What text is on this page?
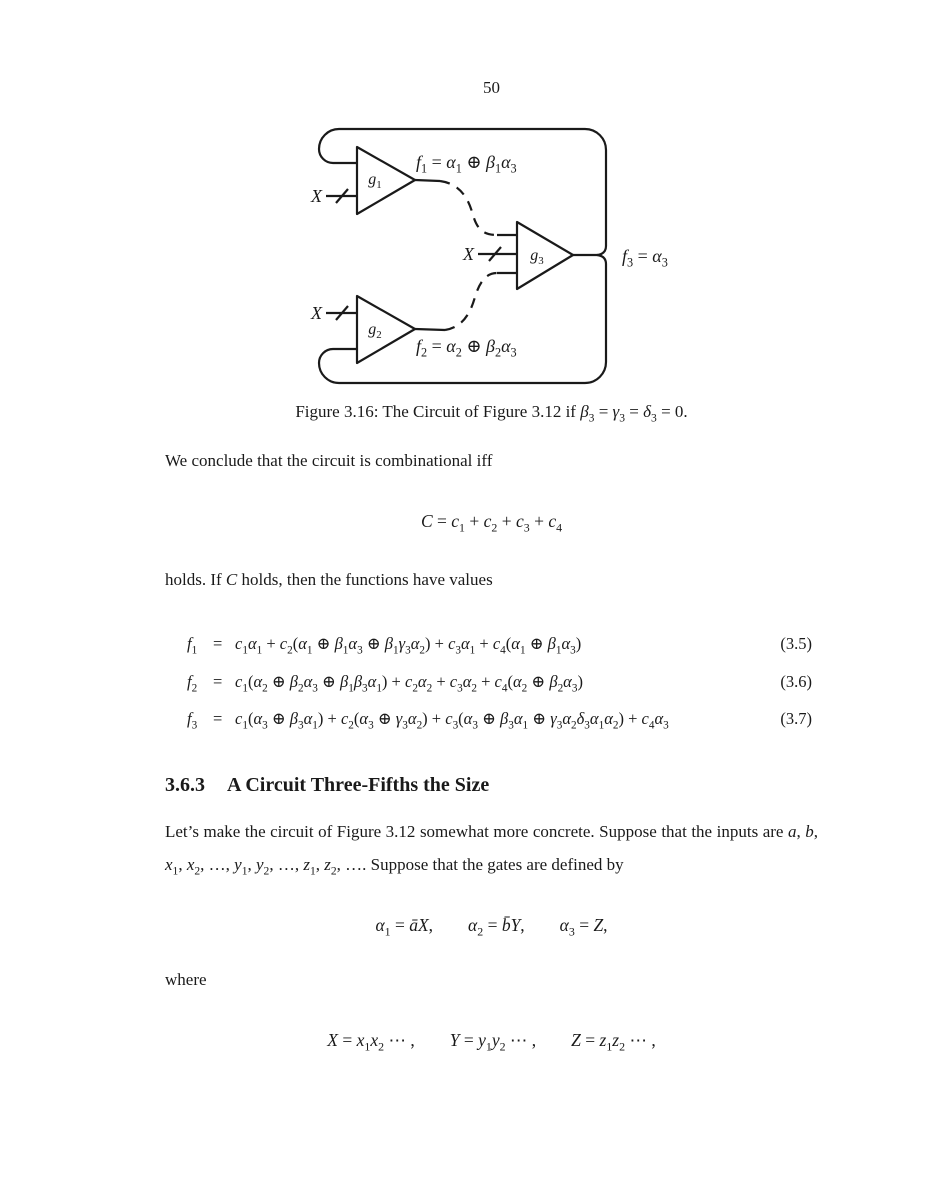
50
$g_1$
$g_2$
$g_3$
X
X
X
$f_1 = \alpha_1$ ⊕ $\beta_1\alpha_3$
$f_2 = \alpha_2$ ⊕ $\beta_2\alpha_3$
$f_3 = \alpha_3$
Figure 3.16: The Circuit of Figure 3.12 if $\beta_3 = \gamma_3 = \delta_3 = 0$.
We conclude that the circuit is combinational iff
$C = c_1 + c_2 + c_3 + c_4$
holds. If C holds, then the functions have values
$f_1 = c_1\alpha_1 + c_2(\alpha_1$ ⊕ $\beta_1\alpha_3$ ⊕ $\beta_1\gamma_3\alpha_2) + c_3\alpha_1 + c_4(\alpha_1$ ⊕ $\beta_1\alpha_3$)	(3.5)
$f_2 = c_1(\alpha_2$ ⊕ $\beta_2\alpha_3$ ⊕ $\beta_1\beta_3\alpha_1) + c_2\alpha_2 + c_3\alpha_2 + c_4(\alpha_2$ ⊕ $\beta_2\alpha_3$)	(3.6)
$f_3 = c_1(\alpha_3$ ⊕ $\beta_3\alpha_1) + c_2(\alpha_3$ ⊕ $\gamma_3\alpha_2) + c_3(\alpha_3$ ⊕ $\beta_3\alpha_1$ ⊕ $\gamma_3\alpha_2\delta_3\alpha_1\alpha_2) + c_4\alpha_3$	(3.7)
3.6.3 A Circuit Three-Fifths the Size
Let’s make the circuit of Figure 3.12 somewhat more concrete. Suppose that the inputs are a, b, $x_1$, $x_2$, …, $y_1$, $y_2$, …, $z_1$, $z_2$, …. Suppose that the gates are defined by
$\alpha_1$ = āX,  $\alpha_2$ = b̄Y,  $\alpha_3 = Z$,
where
$X = x_1x_2$ ⋯ ,  $Y = y_1y_2$ ⋯ ,  $Z = z_1z_2$ ⋯ ,
